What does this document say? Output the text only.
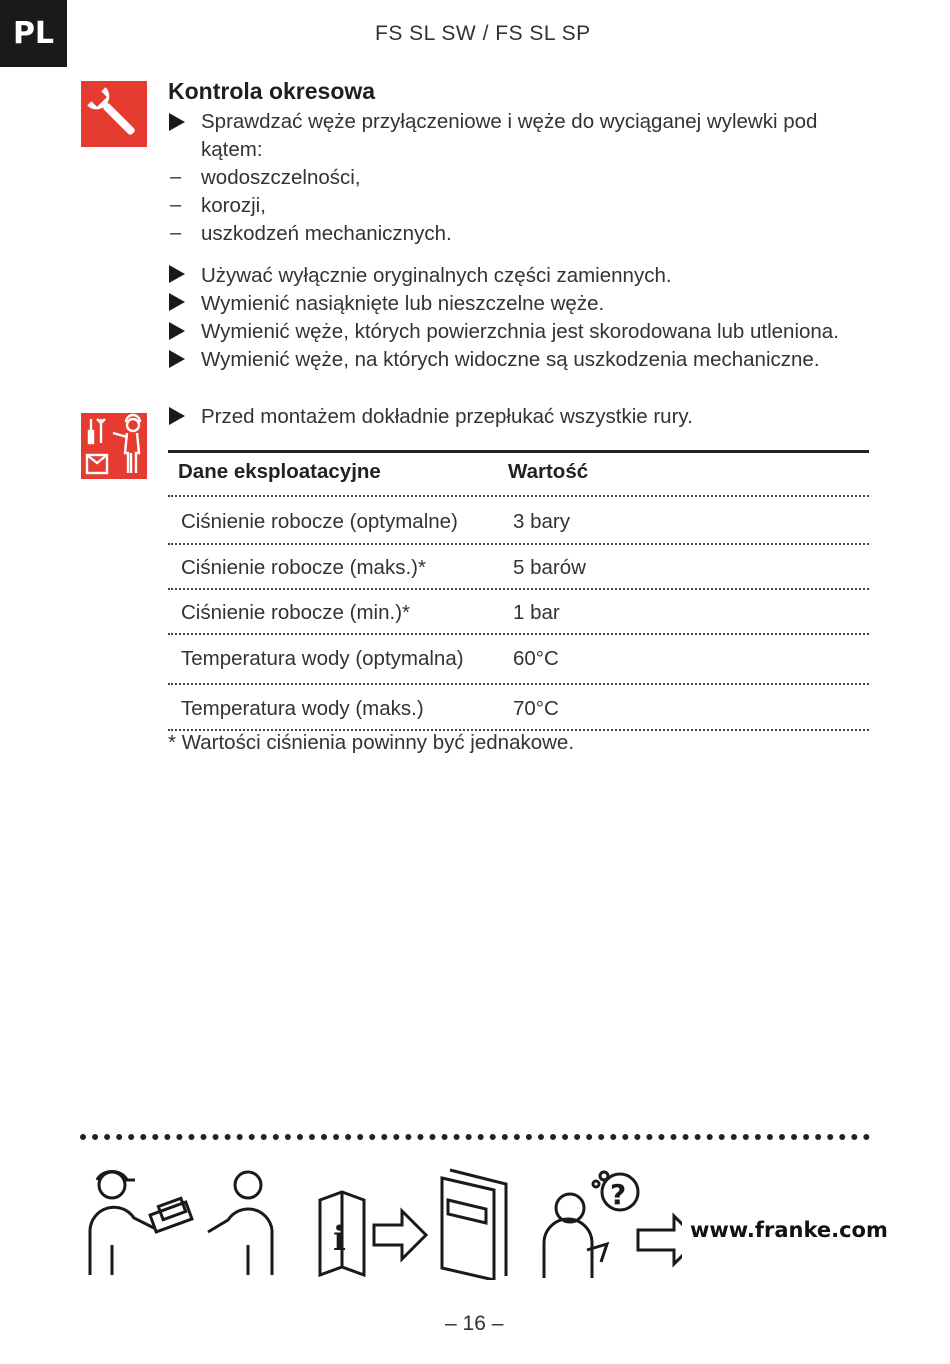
PL	FS SL SW / FS SL SP
Kontrola okresowa
Sprawdzać węże przyłączeniowe i węże do wyciąganej wylewki pod
kątem:
– wodoszczelności,
– korozji,
– uszkodzeń mechanicznych.
Używać wyłącznie oryginalnych części zamiennych.
Wymienić nasiąknięte lub nieszczelne węże.
Wymienić węże, których powierzchnia jest skorodowana lub utleniona.
Wymienić węże, na których widoczne są uszkodzenia mechaniczne.
Przed montażem dokładnie przepłukać wszystkie rury.
Dane eksploatacyjne	Wartość
Ciśnienie robocze (optymalne)	3 bary
Ciśnienie robocze (maks.)*	5 barów
Ciśnienie robocze (min.)*	1 bar
Temperatura wody (optymalna) 60°C
Temperatura wody (maks.)	70°C
* Wartości ciśnienia powinny być jednakowe.
i
?
www.franke.com
– 16 –
